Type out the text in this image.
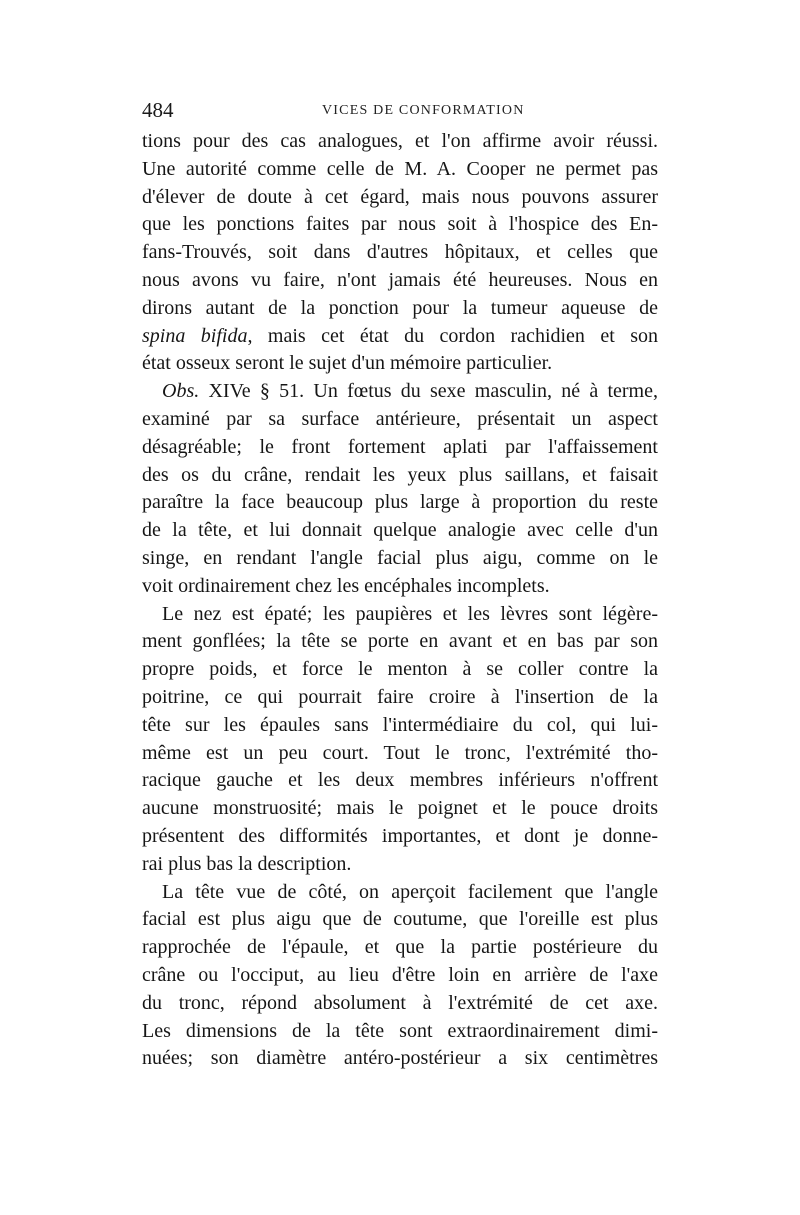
484	VICES DE CONFORMATION
tions pour des cas analogues, et l'on affirme avoir réussi.
Une autorité comme celle de M. A. Cooper ne permet pas
d'élever de doute à cet égard, mais nous pouvons assurer
que les ponctions faites par nous soit à l'hospice des En-
fans-Trouvés, soit dans d'autres hôpitaux, et celles que
nous avons vu faire, n'ont jamais été heureuses. Nous en
dirons autant de la ponction pour la tumeur aqueuse de
spina bifida, mais cet état du cordon rachidien et son
état osseux seront le sujet d'un mémoire particulier.
Obs. XIVe § 51. Un fœtus du sexe masculin, né à terme,
examiné par sa surface antérieure, présentait un aspect
désagréable; le front fortement aplati par l'affaissement
des os du crâne, rendait les yeux plus saillans, et faisait
paraître la face beaucoup plus large à proportion du reste
de la tête, et lui donnait quelque analogie avec celle d'un
singe, en rendant l'angle facial plus aigu, comme on le
voit ordinairement chez les encéphales incomplets.
Le nez est épaté; les paupières et les lèvres sont légère-
ment gonflées; la tête se porte en avant et en bas par son
propre poids, et force le menton à se coller contre la
poitrine, ce qui pourrait faire croire à l'insertion de la
tête sur les épaules sans l'intermédiaire du col, qui lui-
même est un peu court. Tout le tronc, l'extrémité tho-
racique gauche et les deux membres inférieurs n'offrent
aucune monstruosité; mais le poignet et le pouce droits
présentent des difformités importantes, et dont je donne-
rai plus bas la description.
La tête vue de côté, on aperçoit facilement que l'angle
facial est plus aigu que de coutume, que l'oreille est plus
rapprochée de l'épaule, et que la partie postérieure du
crâne ou l'occiput, au lieu d'être loin en arrière de l'axe
du tronc, répond absolument à l'extrémité de cet axe.
Les dimensions de la tête sont extraordinairement dimi-
nuées; son diamètre antéro-postérieur a six centimètres
